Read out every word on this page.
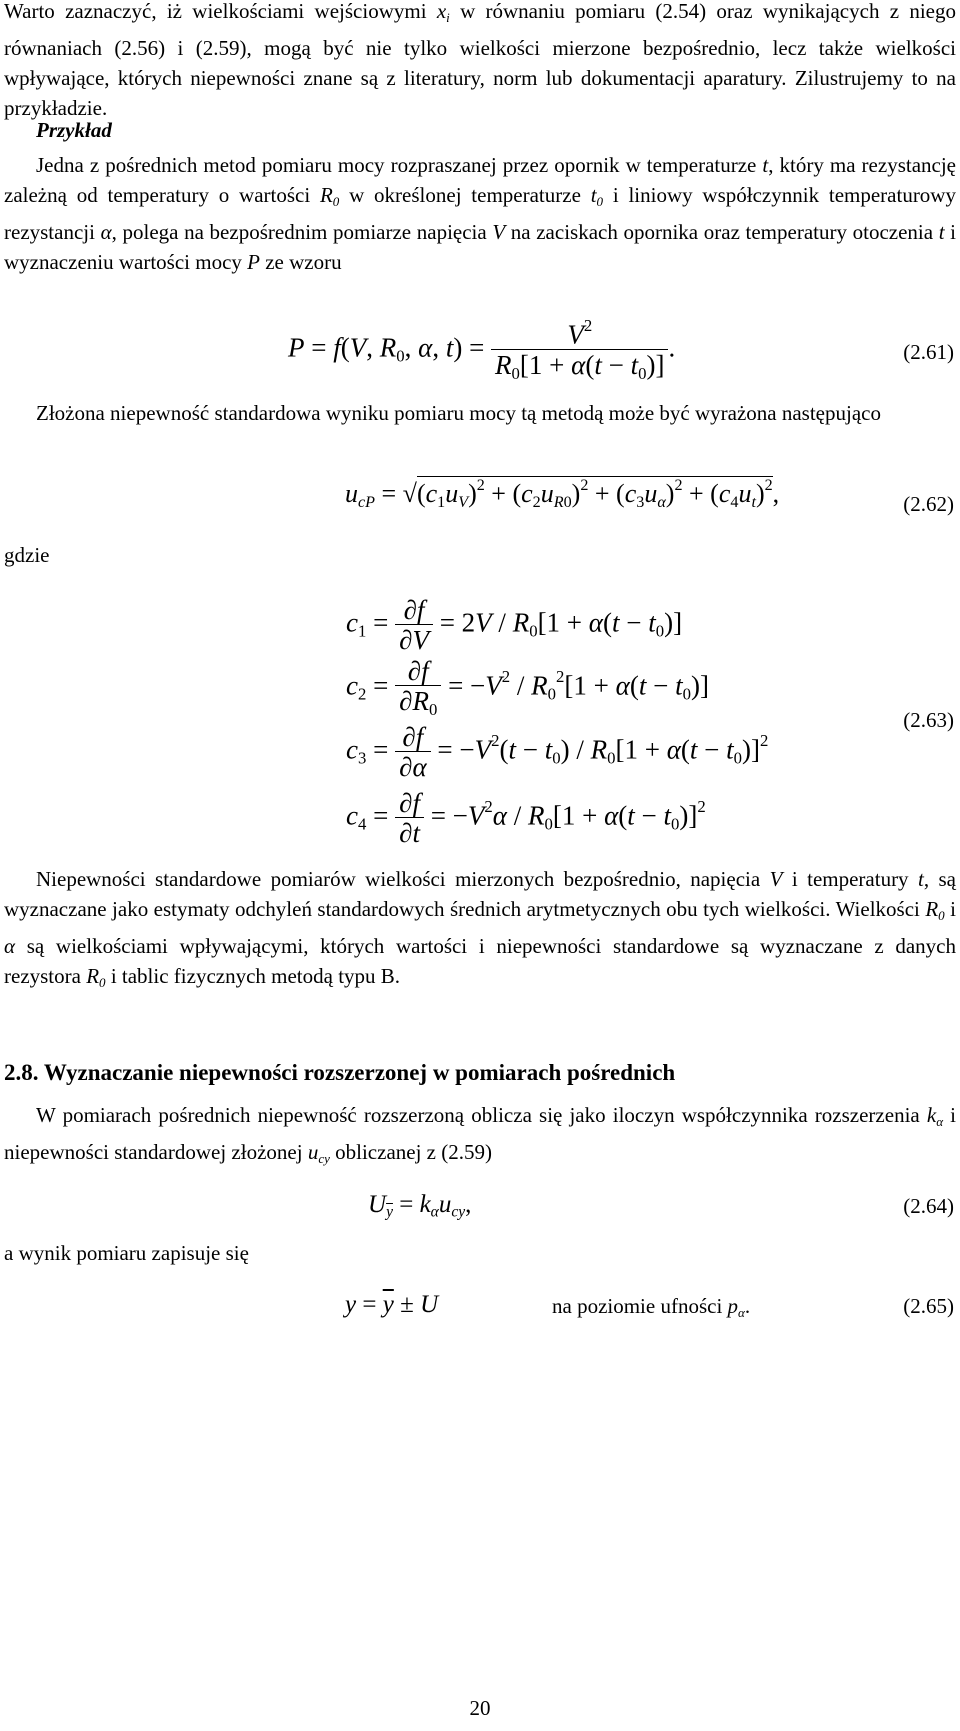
Warto zaznaczyć, iż wielkościami wejściowymi $x_i$ w równaniu pomiaru (2.54) oraz wynikających z niego równaniach (2.56) i (2.59), mogą być nie tylko wielkości mierzone bezpośrednio, lecz także wielkości wpływające, których niepewności znane są z literatury, norm lub dokumentacji aparatury. Zilustrujemy to na przykładzie.

Przykład

Jedna z pośrednich metod pomiaru mocy rozpraszanej przez opornik w temperaturze t, który ma rezystancję zależną od temperatury o wartości $R_0$ w określonej temperaturze $t_0$ i liniowy współczynnik temperaturowy rezystancji α, polega na bezpośrednim pomiarze napięcia V na zaciskach opornika oraz temperatury otoczenia t i wyznaczeniu wartości mocy P ze wzoru

P = f(V, $R_0$, α, $t) = \frac{V^2}{R_0[1 + \alpha(t - t_0)]}$ .	(2.61)

Złożona niepewność standardowa wyniku pomiaru mocy tą metodą może być wyrażona następująco

$u_{cP} = √(c_1u_V)^2 + (c_2u_{R0})^2 + (c_3u_\alpha)^2 + (c_4u_t)^2$,	(2.62)
gdzie
$c_1 = \frac{\partial f}{\partial V} = 2V / R_0[1 + \alpha(t - t_0)]$
$c_2 = \frac{\partial f}{\partial R_0} = -V^2 / R_0^2[1 + \alpha(t - t_0)]$
$c_3 = \frac{\partial f}{\partial\alpha} = -V^2(t - t_0) / R_0[1 + \alpha(t - t_0)]^2$
$c_4 = \frac{\partial f}{\partial t} = -V^2\alpha / R_0[1 + \alpha(t - t_0)]^2$
(2.63)

Niepewności standardowe pomiarów wielkości mierzonych bezpośrednio, napięcia V i temperatury t, są wyznaczane jako estymaty odchyleń standardowych średnich arytmetycznych obu tych wielkości. Wielkości $R_0$ i α są wielkościami wpływającymi, których wartości i niepewności standardowe są wyznaczane z danych rezystora $R_0$ i tablic fizycznych metodą typu B.

2.8. Wyznaczanie niepewności rozszerzonej w pomiarach pośrednich

W pomiarach pośrednich niepewność rozszerzoną oblicza się jako iloczyn współczynnika rozszerzenia $k_\alpha$ i niepewności standardowej złożonej $u_{cy}$ obliczanej z (2.59)

$U_{\overline{y}} = k_\alpha u_{cy}$,	(2.64)
a wynik pomiaru zapisuje się
$y = \overline{y} \pm U$	na poziomie ufności $p_\alpha$.	(2.65)
20
